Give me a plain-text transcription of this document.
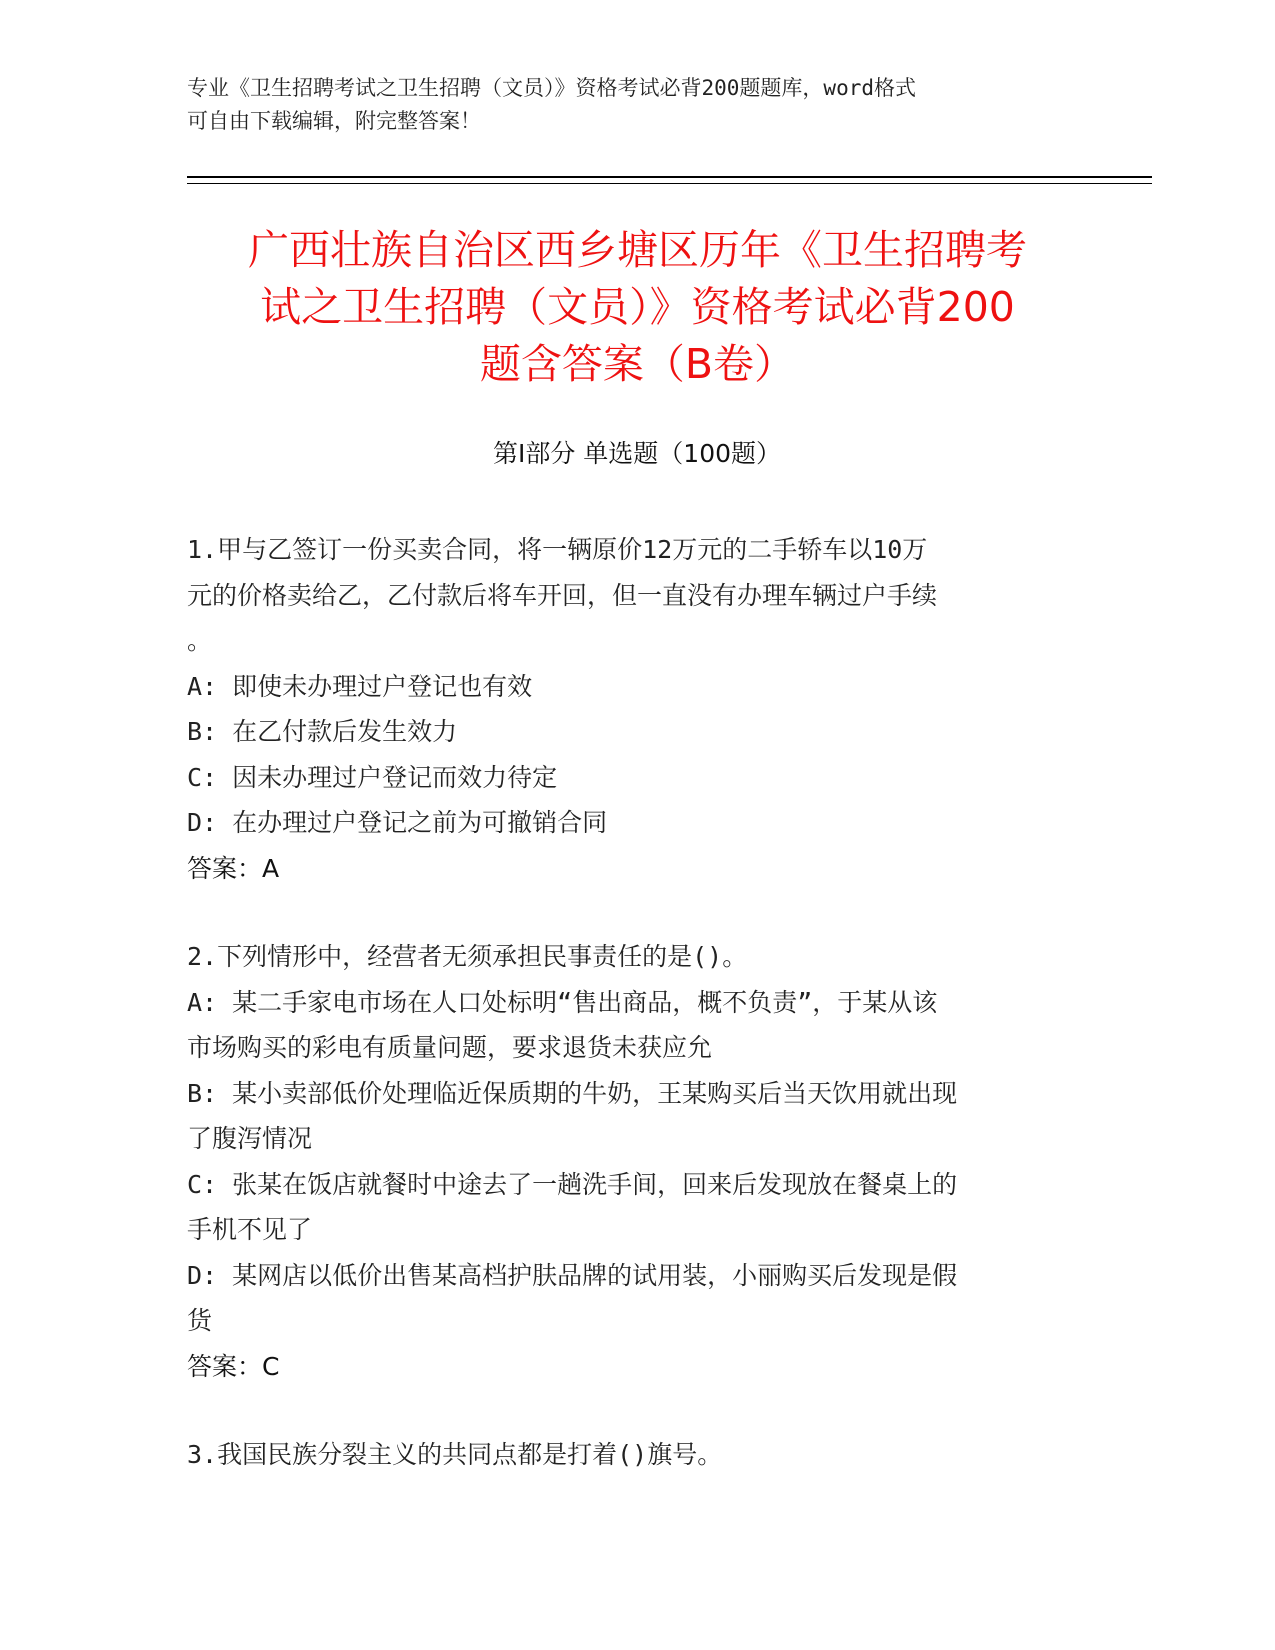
专业《卫生招聘考试之卫生招聘（文员）》资格考试必背200题题库，word格式
可自由下载编辑，附完整答案！
广西壮族自治区西乡塘区历年《卫生招聘考
试之卫生招聘（文员）》资格考试必背200
题含答案（B卷）
第Ⅰ部分 单选题（100题）
1.甲与乙签订一份买卖合同，将一辆原价12万元的二手轿车以10万
元的价格卖给乙，乙付款后将车开回，但一直没有办理车辆过户手续
。
A: 即使未办理过户登记也有效
B: 在乙付款后发生效力
C: 因未办理过户登记而效力待定
D: 在办理过户登记之前为可撤销合同
答案：A
2.下列情形中，经营者无须承担民事责任的是()。
A: 某二手家电市场在人口处标明“售出商品，概不负责”，于某从该
市场购买的彩电有质量问题，要求退货未获应允
B: 某小卖部低价处理临近保质期的牛奶，王某购买后当天饮用就出现
了腹泻情况
C: 张某在饭店就餐时中途去了一趟洗手间，回来后发现放在餐桌上的
手机不见了
D: 某网店以低价出售某高档护肤品牌的试用装，小丽购买后发现是假
货
答案：C
3.我国民族分裂主义的共同点都是打着()旗号。
